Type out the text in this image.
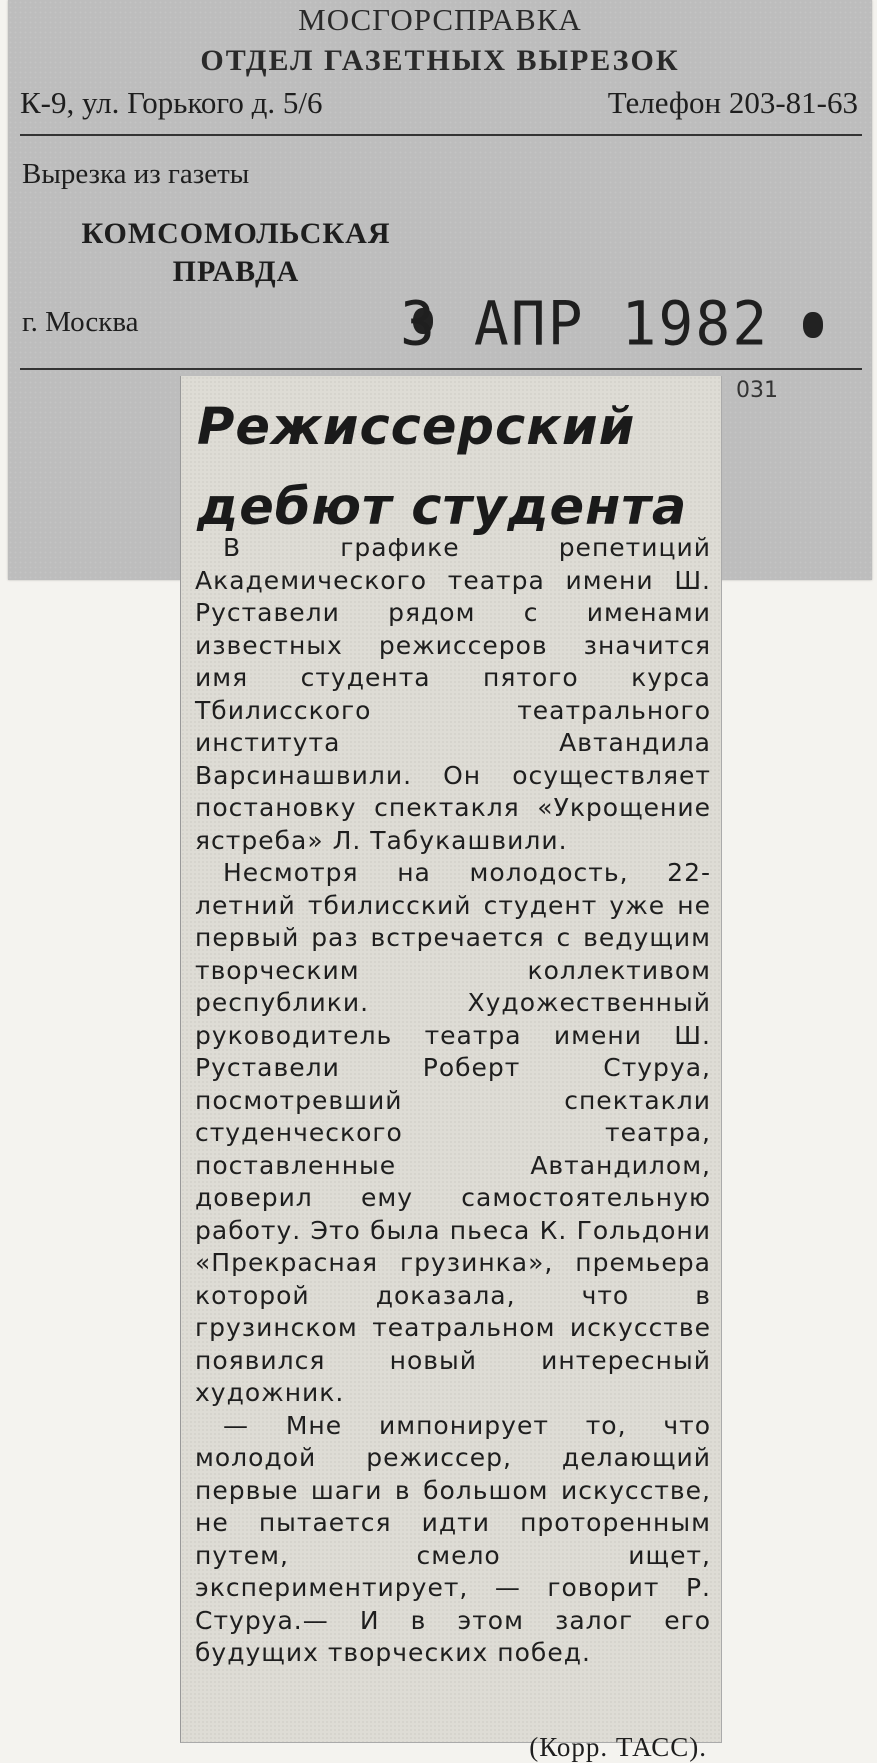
МОСГОРСПРАВКА
ОТДЕЛ ГАЗЕТНЫХ ВЫРЕЗОК
К-9, ул. Горького д. 5/6	Телефон 203-81-63
Вырезка из газеты
КОМСОМОЛЬСКАЯ
ПРАВДА
г. Москва	3 АПР 1982
031
Режиссерский
дебют студента

В графике репетиций Академического театра имени Ш. Руставели рядом с именами известных режиссеров значится имя студента пятого курса Тбилисского театрального института Автандила Варсинашвили. Он осуществляет постановку спектакля «Укрощение ястреба» Л. Табукашвили.

Несмотря на молодость, 22-летний тбилисский студент уже не первый раз встречается с ведущим творческим коллективом республики. Художественный руководитель театра имени Ш. Руставели Роберт Стуруа, посмотревший спектакли студенческого театра, поставленные Автандилом, доверил ему самостоятельную работу. Это была пьеса К. Гольдони «Прекрасная грузинка», премьера которой доказала, что в грузинском театральном искусстве появился новый интересный художник.

— Мне импонирует то, что молодой режиссер, делающий первые шаги в большом искусстве, не пытается идти проторенным путем, смело ищет, экспериментирует, — говорит Р. Стуруа.— И в этом залог его будущих творческих побед.

(Корр. ТАСС).
